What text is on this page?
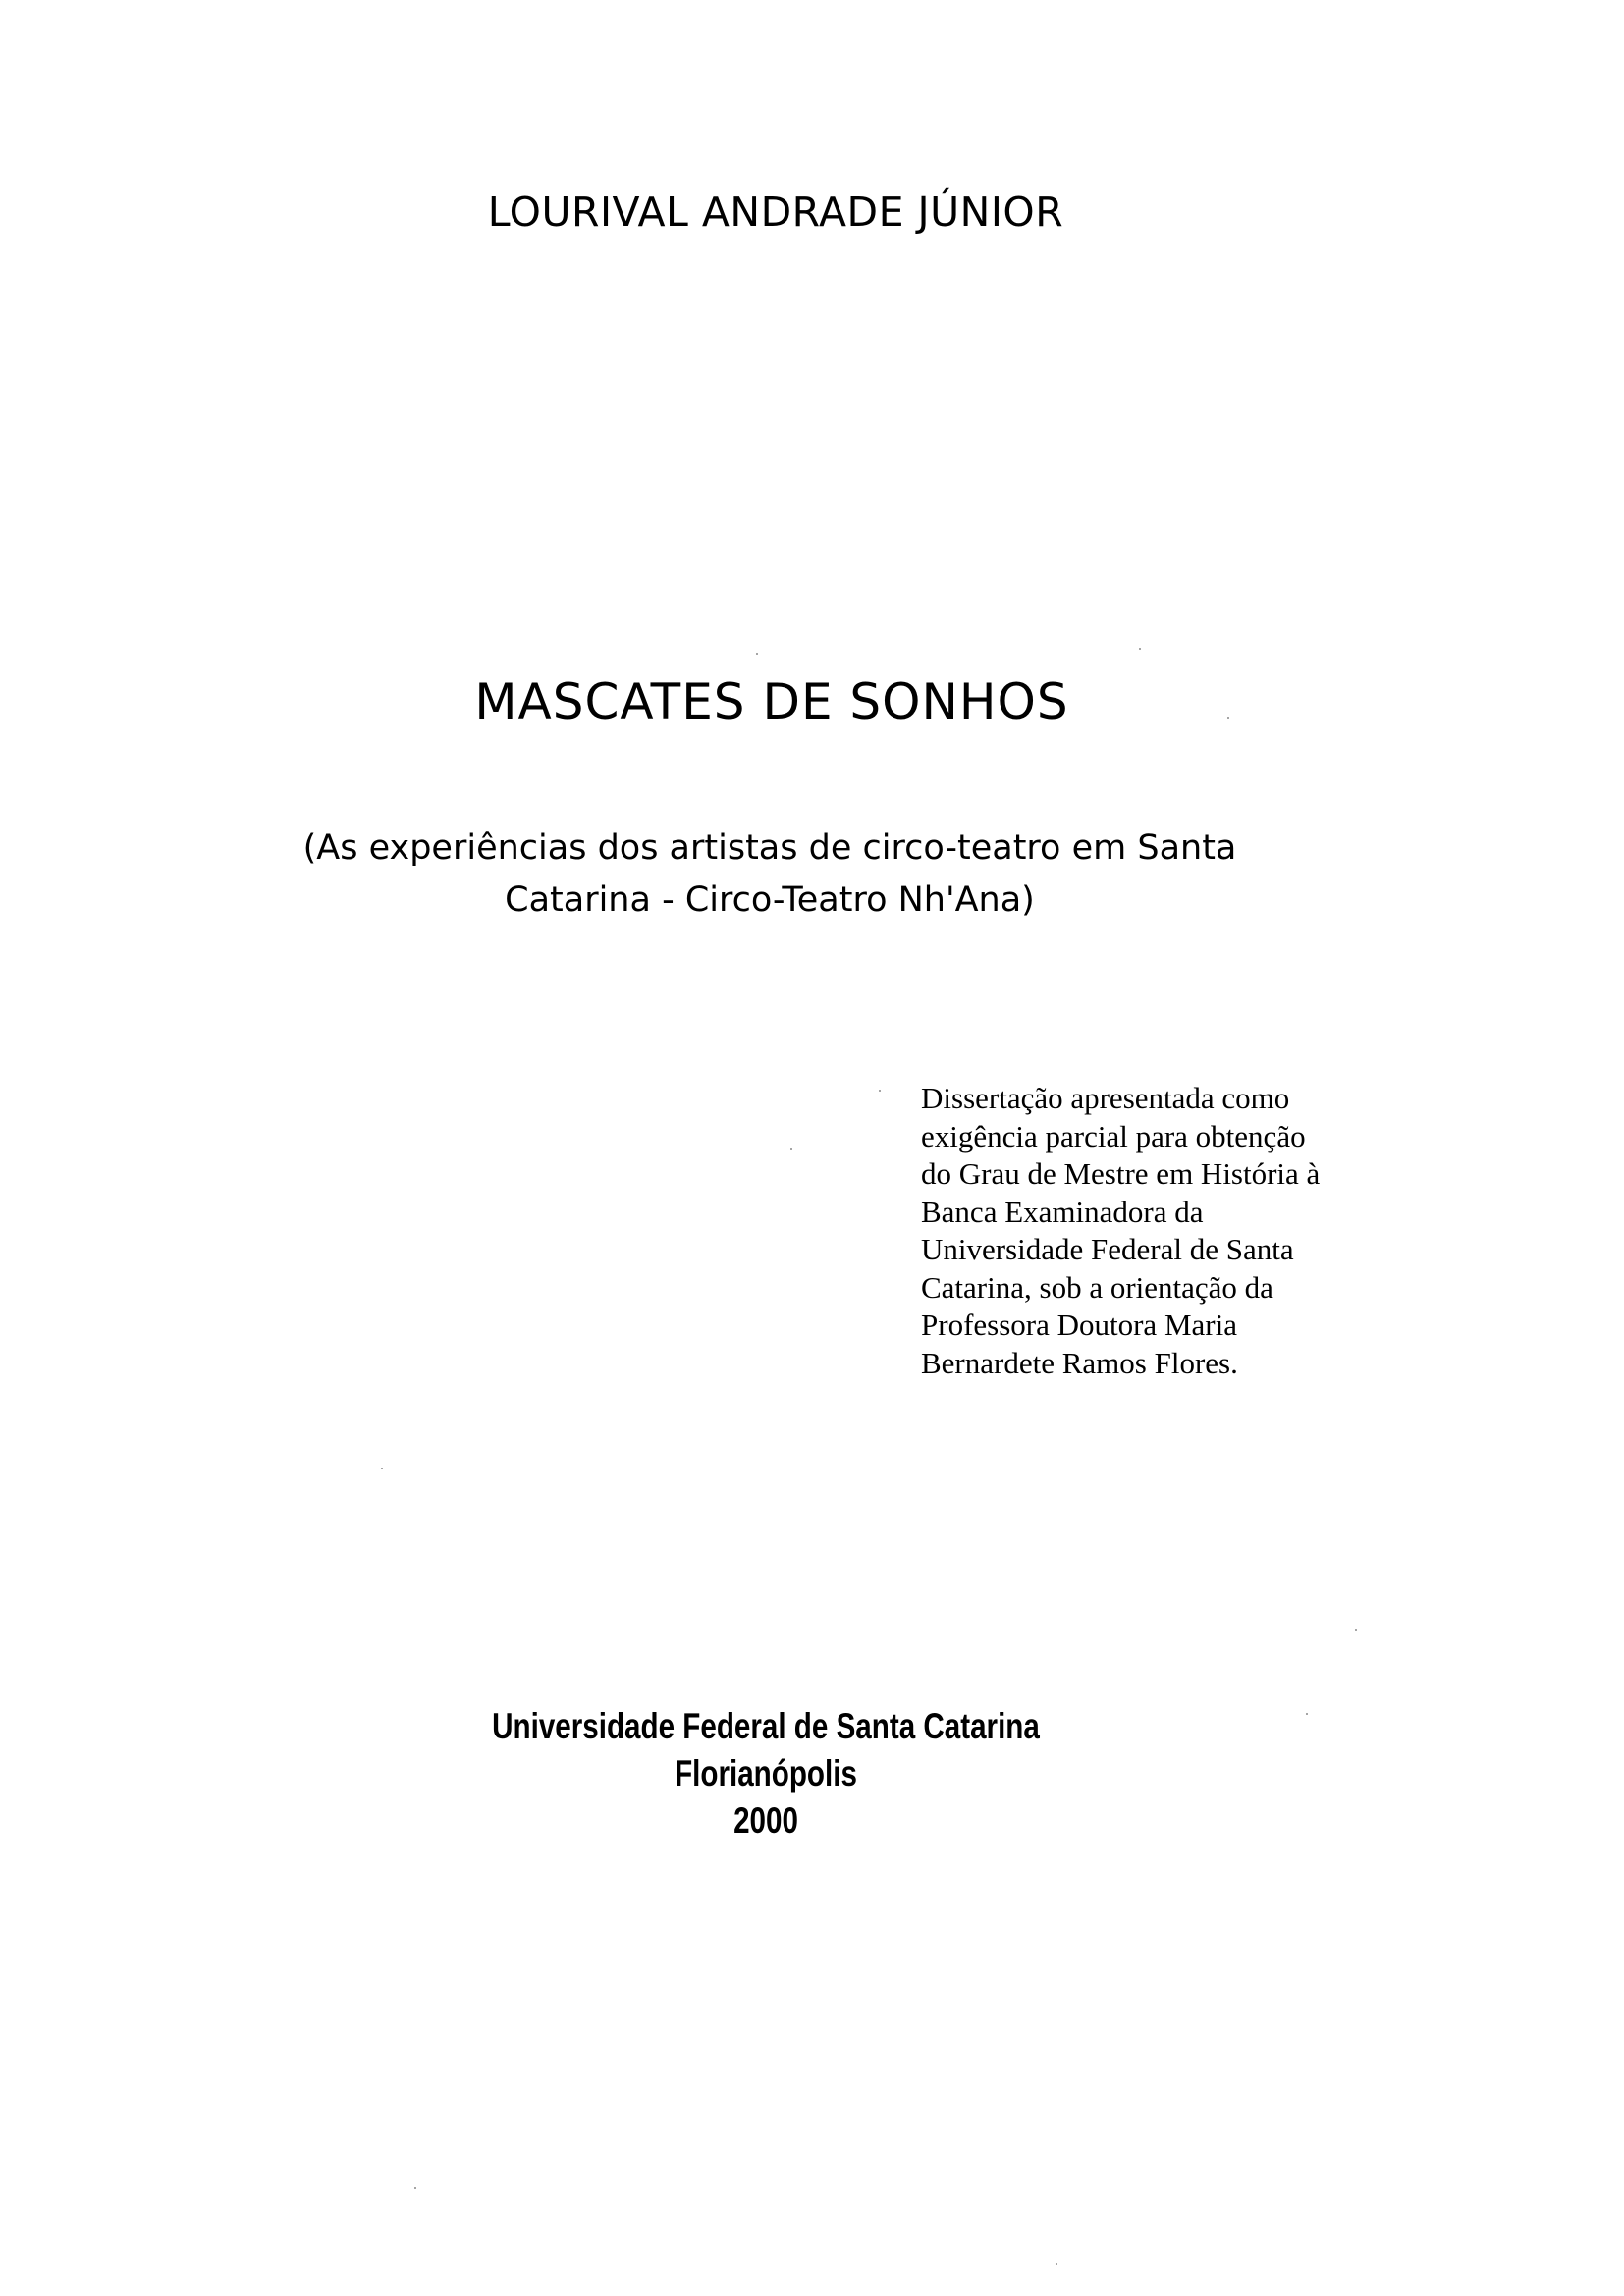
LOURIVAL ANDRADE JÚNIOR
MASCATES DE SONHOS
(As experiências dos artistas de circo-teatro em Santa
Catarina - Circo-Teatro Nh'Ana)
Dissertação apresentada como
exigência parcial para obtenção
do Grau de Mestre em História à
Banca Examinadora da
Universidade Federal de Santa
Catarina, sob a orientação da
Professora Doutora Maria
Bernardete Ramos Flores.
Universidade Federal de Santa Catarina
Florianópolis
2000
